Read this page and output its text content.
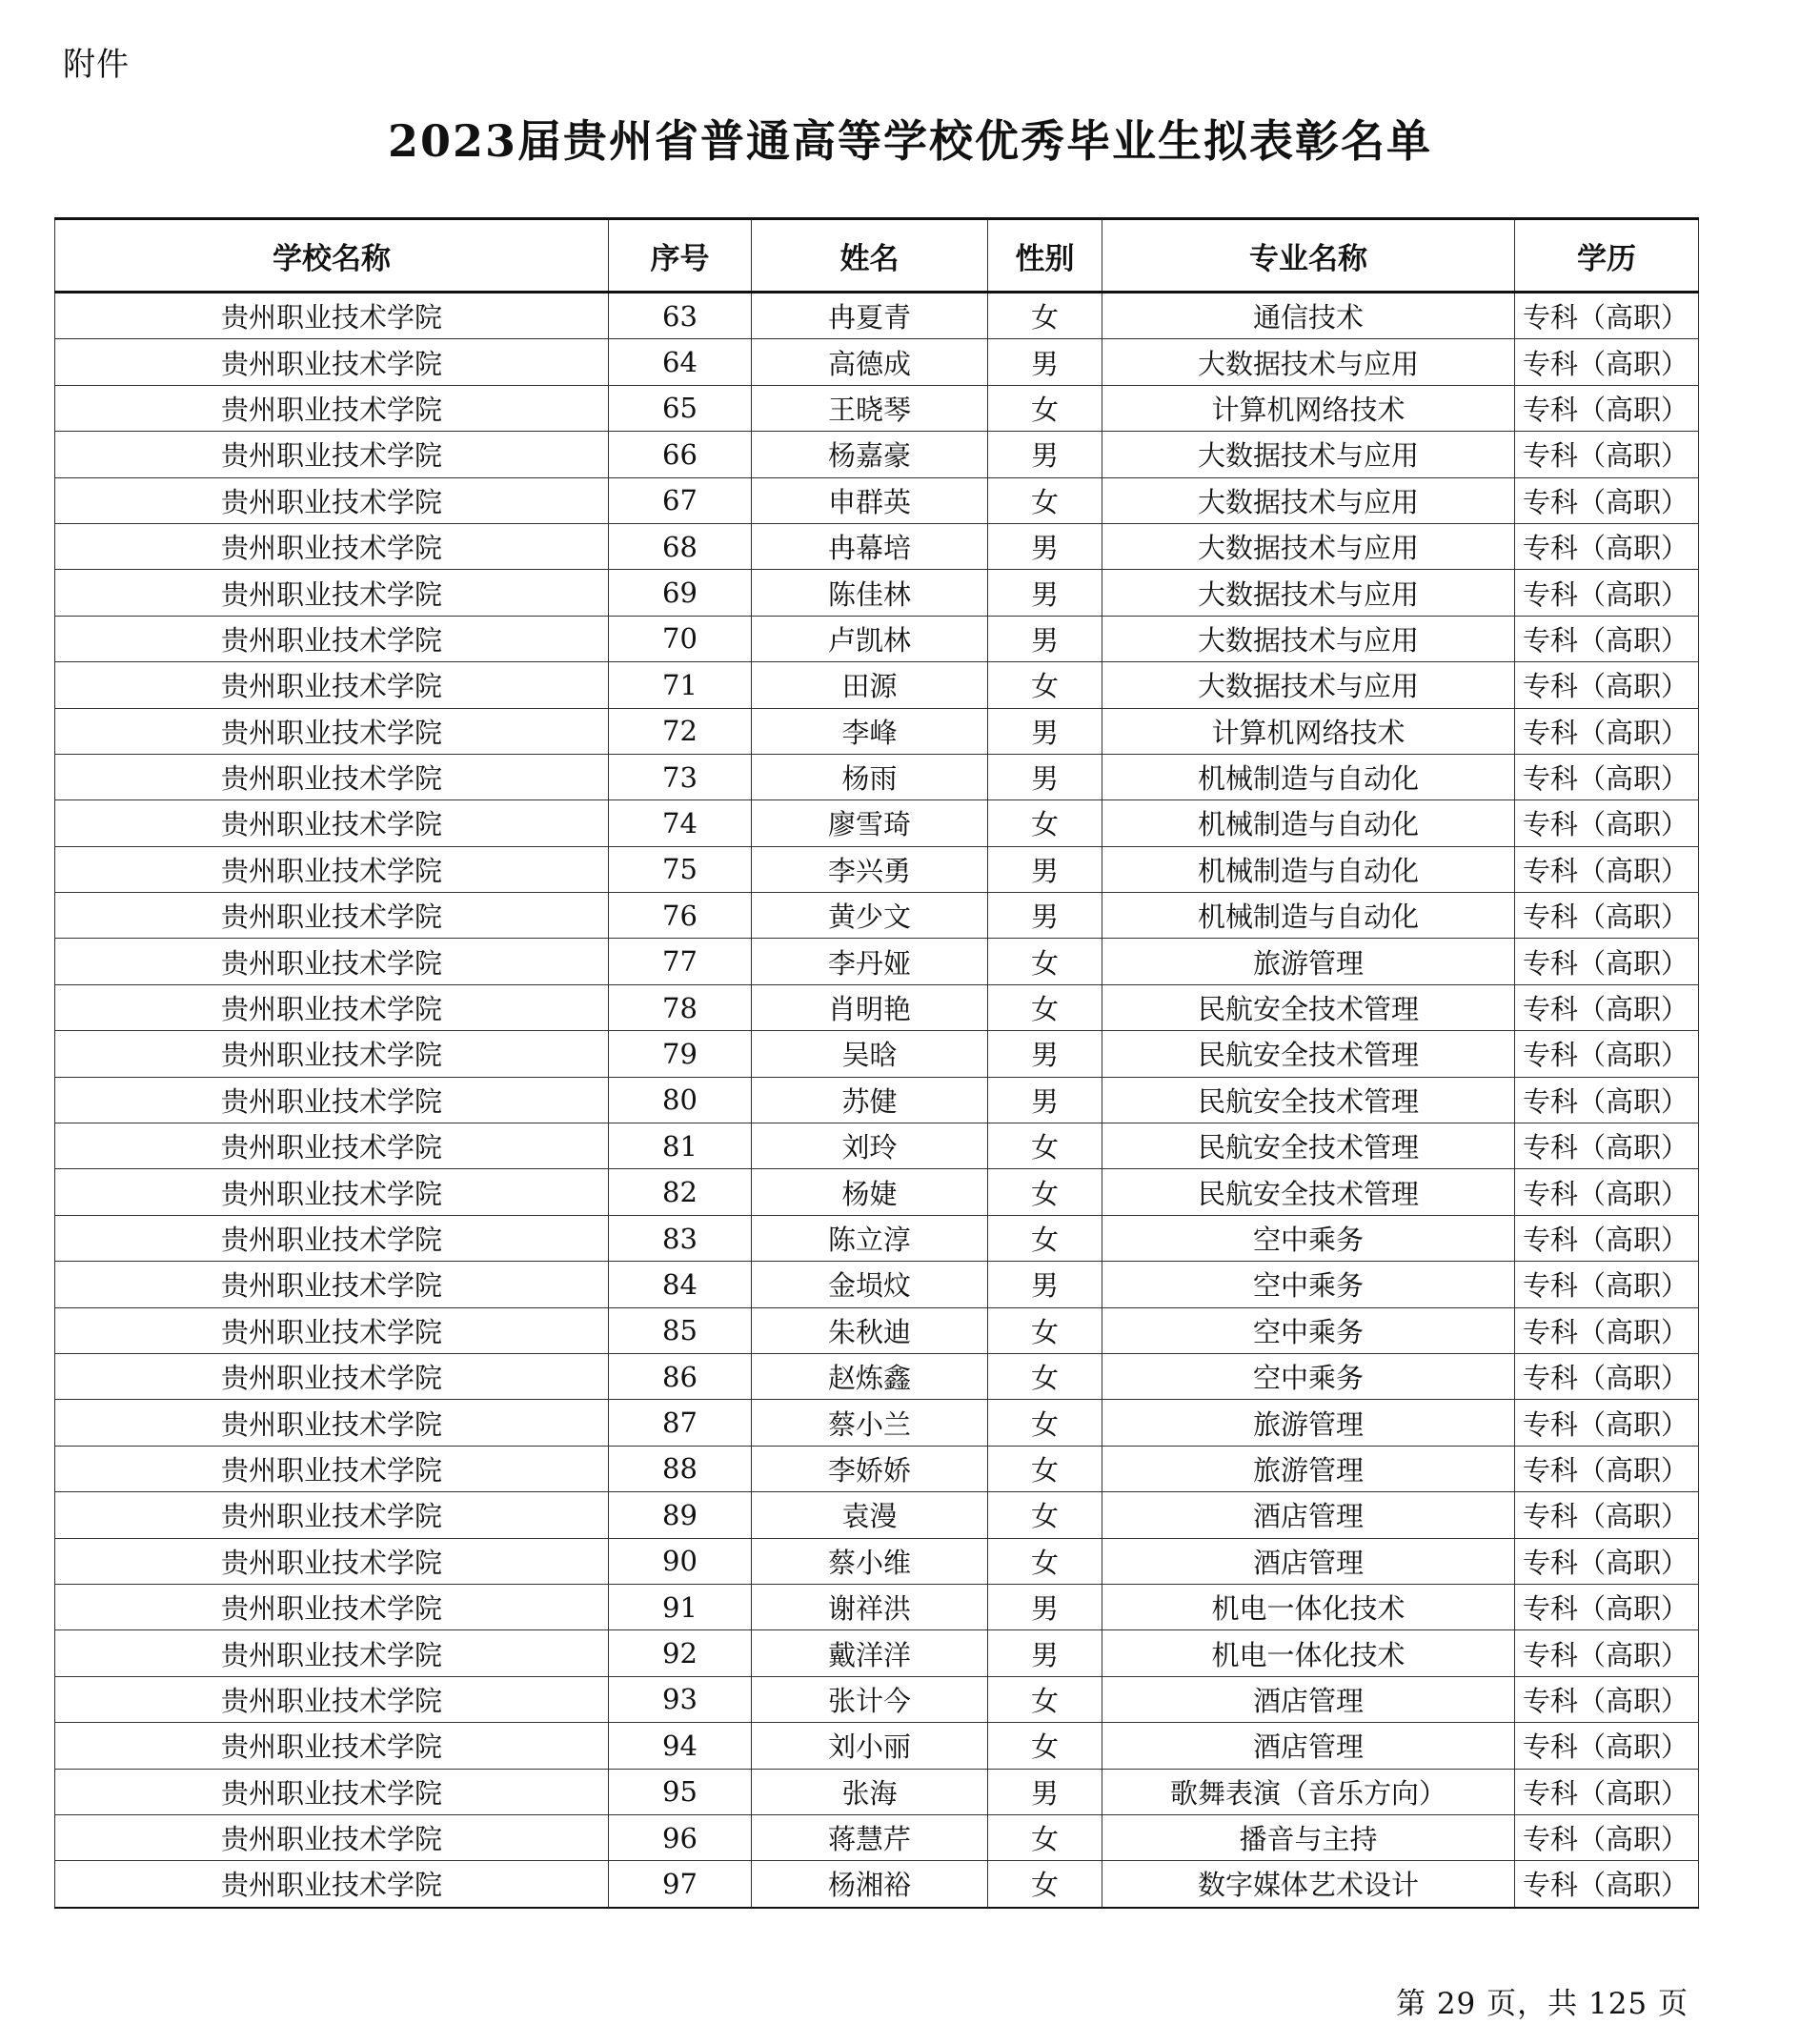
附件
2023届贵州省普通高等学校优秀毕业生拟表彰名单
学校名称	序号	姓名	性别	专业名称	学历
贵州职业技术学院	63	冉夏青	女	通信技术	专科（高职）
贵州职业技术学院	64	高德成	男	大数据技术与应用	专科（高职）
贵州职业技术学院	65	王晓琴	女	计算机网络技术	专科（高职）
贵州职业技术学院	66	杨嘉豪	男	大数据技术与应用	专科（高职）
贵州职业技术学院	67	申群英	女	大数据技术与应用	专科（高职）
贵州职业技术学院	68	冉幕培	男	大数据技术与应用	专科（高职）
贵州职业技术学院	69	陈佳林	男	大数据技术与应用	专科（高职）
贵州职业技术学院	70	卢凯林	男	大数据技术与应用	专科（高职）
贵州职业技术学院	71	田源	女	大数据技术与应用	专科（高职）
贵州职业技术学院	72	李峰	男	计算机网络技术	专科（高职）
贵州职业技术学院	73	杨雨	男	机械制造与自动化	专科（高职）
贵州职业技术学院	74	廖雪琦	女	机械制造与自动化	专科（高职）
贵州职业技术学院	75	李兴勇	男	机械制造与自动化	专科（高职）
贵州职业技术学院	76	黄少文	男	机械制造与自动化	专科（高职）
贵州职业技术学院	77	李丹娅	女	旅游管理	专科（高职）
贵州职业技术学院	78	肖明艳	女	民航安全技术管理	专科（高职）
贵州职业技术学院	79	吴晗	男	民航安全技术管理	专科（高职）
贵州职业技术学院	80	苏健	男	民航安全技术管理	专科（高职）
贵州职业技术学院	81	刘玲	女	民航安全技术管理	专科（高职）
贵州职业技术学院	82	杨婕	女	民航安全技术管理	专科（高职）
贵州职业技术学院	83	陈立淳	女	空中乘务	专科（高职）
贵州职业技术学院	84	金埙炆	男	空中乘务	专科（高职）
贵州职业技术学院	85	朱秋迪	女	空中乘务	专科（高职）
贵州职业技术学院	86	赵炼鑫	女	空中乘务	专科（高职）
贵州职业技术学院	87	蔡小兰	女	旅游管理	专科（高职）
贵州职业技术学院	88	李娇娇	女	旅游管理	专科（高职）
贵州职业技术学院	89	袁漫	女	酒店管理	专科（高职）
贵州职业技术学院	90	蔡小维	女	酒店管理	专科（高职）
贵州职业技术学院	91	谢祥洪	男	机电一体化技术	专科（高职）
贵州职业技术学院	92	戴洋洋	男	机电一体化技术	专科（高职）
贵州职业技术学院	93	张计今	女	酒店管理	专科（高职）
贵州职业技术学院	94	刘小丽	女	酒店管理	专科（高职）
贵州职业技术学院	95	张海	男	歌舞表演（音乐方向）	专科（高职）
贵州职业技术学院	96	蒋慧芹	女	播音与主持	专科（高职）
贵州职业技术学院	97	杨湘裕	女	数字媒体艺术设计	专科（高职）
第 29 页，共 125 页
